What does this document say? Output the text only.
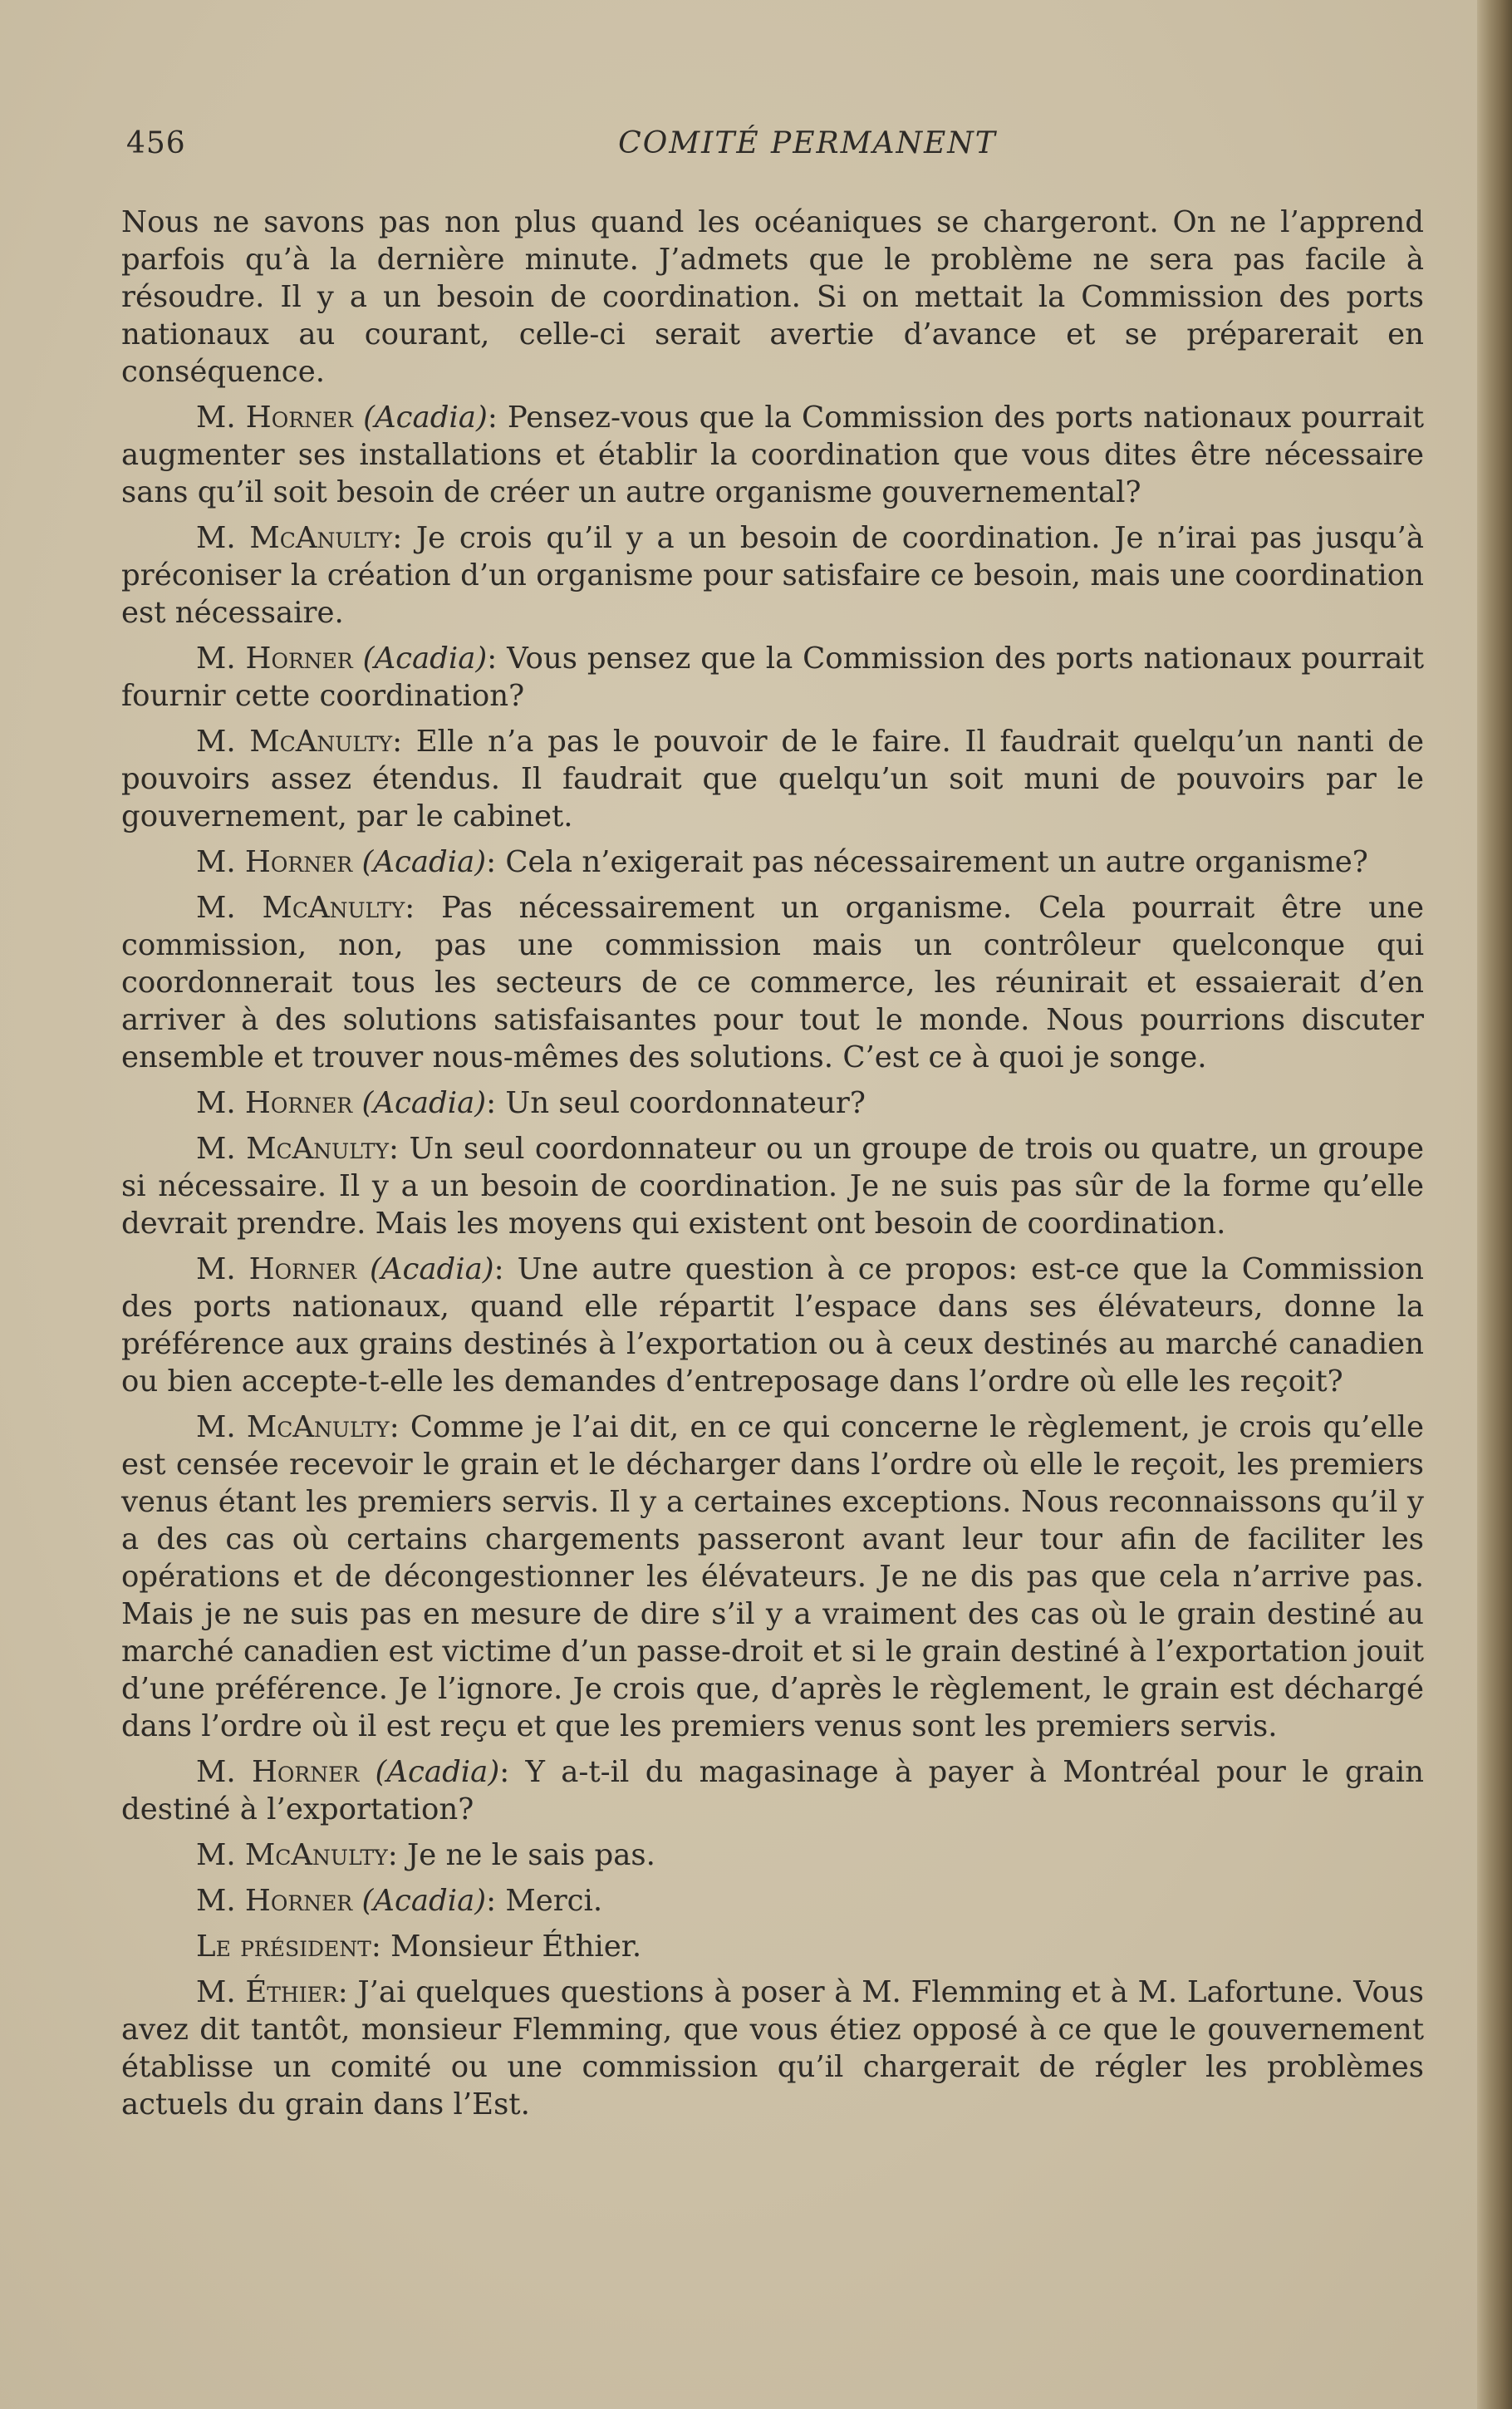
456	COMITÉ PERMANENT

Nous ne savons pas non plus quand les océaniques se chargeront. On ne l’apprend parfois qu’à la dernière minute. J’admets que le problème ne sera pas facile à résoudre. Il y a un besoin de coordination. Si on mettait la Commission des ports nationaux au courant, celle-ci serait avertie d’avance et se préparerait en conséquence.

M. Horner (Acadia): Pensez-vous que la Commission des ports nationaux pourrait augmenter ses installations et établir la coordination que vous dites être nécessaire sans qu’il soit besoin de créer un autre organisme gouvernemental?

M. McAnulty: Je crois qu’il y a un besoin de coordination. Je n’irai pas jusqu’à préconiser la création d’un organisme pour satisfaire ce besoin, mais une coordination est nécessaire.

M. Horner (Acadia): Vous pensez que la Commission des ports nationaux pourrait fournir cette coordination?

M. McAnulty: Elle n’a pas le pouvoir de le faire. Il faudrait quelqu’un nanti de pouvoirs assez étendus. Il faudrait que quelqu’un soit muni de pouvoirs par le gouvernement, par le cabinet.

M. Horner (Acadia): Cela n’exigerait pas nécessairement un autre organisme?

M. McAnulty: Pas nécessairement un organisme. Cela pourrait être une commission, non, pas une commission mais un contrôleur quelconque qui coordonnerait tous les secteurs de ce commerce, les réunirait et essaierait d’en arriver à des solutions satisfaisantes pour tout le monde. Nous pourrions discuter ensemble et trouver nous-mêmes des solutions. C’est ce à quoi je songe.

M. Horner (Acadia): Un seul coordonnateur?

M. McAnulty: Un seul coordonnateur ou un groupe de trois ou quatre, un groupe si nécessaire. Il y a un besoin de coordination. Je ne suis pas sûr de la forme qu’elle devrait prendre. Mais les moyens qui existent ont besoin de coordination.

M. Horner (Acadia): Une autre question à ce propos: est-ce que la Commission des ports nationaux, quand elle répartit l’espace dans ses élévateurs, donne la préférence aux grains destinés à l’exportation ou à ceux destinés au marché canadien ou bien accepte-t-elle les demandes d’entreposage dans l’ordre où elle les reçoit?

M. McAnulty: Comme je l’ai dit, en ce qui concerne le règlement, je crois qu’elle est censée recevoir le grain et le décharger dans l’ordre où elle le reçoit, les premiers venus étant les premiers servis. Il y a certaines exceptions. Nous reconnaissons qu’il y a des cas où certains chargements passeront avant leur tour afin de faciliter les opérations et de décongestionner les élévateurs. Je ne dis pas que cela n’arrive pas. Mais je ne suis pas en mesure de dire s’il y a vraiment des cas où le grain destiné au marché canadien est victime d’un passe-droit et si le grain destiné à l’exportation jouit d’une préférence. Je l’ignore. Je crois que, d’après le règlement, le grain est déchargé dans l’ordre où il est reçu et que les premiers venus sont les premiers servis.

M. Horner (Acadia): Y a-t-il du magasinage à payer à Montréal pour le grain destiné à l’exportation?

M. McAnulty: Je ne le sais pas.

M. Horner (Acadia): Merci.

Le président: Monsieur Éthier.

M. Éthier: J’ai quelques questions à poser à M. Flemming et à M. Lafortune. Vous avez dit tantôt, monsieur Flemming, que vous étiez opposé à ce que le gouvernement établisse un comité ou une commission qu’il chargerait de régler les problèmes actuels du grain dans l’Est.
